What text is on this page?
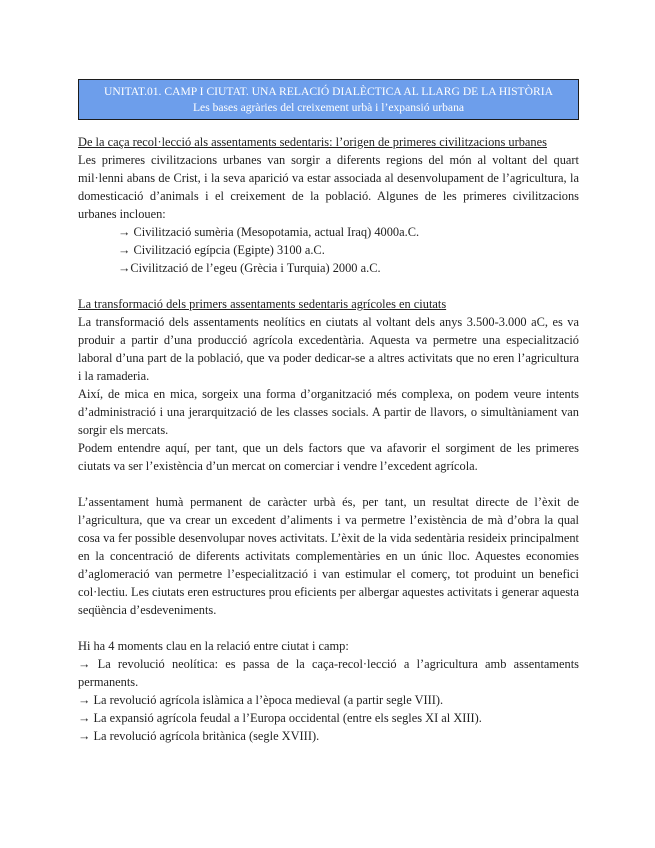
UNITAT.01. CAMP I CIUTAT. UNA RELACIÓ DIALÈCTICA AL LLARG DE LA HISTÒRIA
Les bases agràries del creixement urbà i l’expansió urbana
De la caça recol·lecció als assentaments sedentaris: l’origen de primeres civilitzacions urbanes

Les primeres civilitzacions urbanes van sorgir a diferents regions del món al voltant del quart mil·lenni abans de Crist, i la seva aparició va estar associada al desenvolupament de l’agricultura, la domesticació d’animals i el creixement de la població. Algunes de les primeres civilitzacions urbanes inclouen:

→ Civilització sumèria (Mesopotamia, actual Iraq) 4000a.C.

→ Civilització egípcia (Egipte) 3100 a.C.

→Civilització de l’egeu (Grècia i Turquia) 2000 a.C.

La transformació dels primers assentaments sedentaris agrícoles en ciutats

La transformació dels assentaments neolítics en ciutats al voltant dels anys 3.500-3.000 aC, es va produir a partir d’una producció agrícola excedentària. Aquesta va permetre una especialització laboral d’una part de la població, que va poder dedicar-se a altres activitats que no eren l’agricultura i la ramaderia.

Així, de mica en mica, sorgeix una forma d’organització més complexa, on podem veure intents d’administració i una jerarquització de les classes socials. A partir de llavors, o simultàniament van sorgir els mercats.

Podem entendre aquí, per tant, que un dels factors que va afavorir el sorgiment de les primeres ciutats va ser l’existència d’un mercat on comerciar i vendre l’excedent agrícola.

L’assentament humà permanent de caràcter urbà és, per tant, un resultat directe de l’èxit de l’agricultura, que va crear un excedent d’aliments i va permetre l’existència de mà d’obra la qual cosa va fer possible desenvolupar noves activitats. L’èxit de la vida sedentària resideix principalment en la concentració de diferents activitats complementàries en un únic lloc. Aquestes economies d’aglomeració van permetre l’especialització i van estimular el comerç, tot produint un benefici col·lectiu. Les ciutats eren estructures prou eficients per albergar aquestes activitats i generar aquesta seqüència d’esdeveniments.

Hi ha 4 moments clau en la relació entre ciutat i camp:

→ La revolució neolítica: es passa de la caça-recol·lecció a l’agricultura amb assentaments permanents.

→ La revolució agrícola islàmica a l’època medieval (a partir segle VIII).

→ La expansió agrícola feudal a l’Europa occidental (entre els segles XI al XIII).

→ La revolució agrícola britànica (segle XVIII).
